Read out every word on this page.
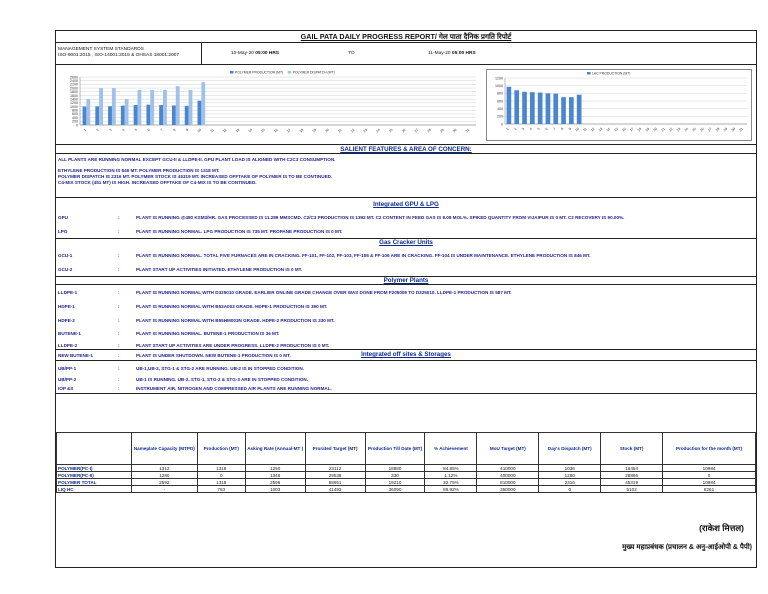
GAIL PATA DAILY PROGRESS REPORT/ गेल पाता दैनिक प्रगति रिपोर्ट
MANAGEMENT SYSTEM STANDARDS
ISO-9001:2015 , ISO-14001:2015 & OHSAS 18001:2007	10-May-20 05:00 HRS	TO	11-May-20 05:00 HRS
0
200
400
600
800
1000
1200
1400
1600
1800
2000
2200
2400
2600
1	2	3	4	5	6	7	8	9 10 11 12 13 14 15 16 17 18 19 20 21 22 23 24 25 26 27 28 29 30 31
POLYMER PRODUCTION (MT)	POLYMER DISPATCH (MT)
0
200
400
600
800
1000
1200
1 2 3 4 5 6 7 8 9 10 11 12 13 14 15 16 17 18 19 20 21 22 23 24 25 26 27 28 29 30 31
LAC PRODUCTION (MT)
SALIENT FEATURES & AREA OF CONCERN:
ALL PLANTS ARE RUNNING NORMAL EXCEPT GCU-II & LLDPE-II. GPU PLANT LOAD IS ALIGNED WITH C2C3 CONSUMPTION.
ETHYLENE PRODUCTION IS 846 MT. POLYMER PRODUCTION IS 1318 MT.
POLYMER DISPATCH IS 2316 MT. POLYMER STOCK IS 45319 MT. INCREASED OFFTAKE OF POLYMER IS TO BE CONTINUED.
C4-MIX STOCK (451 MT) IS HIGH. INCREASED OFFTAKE OF C4-MIX IS TO BE CONTINUED.
Integrated GPU & LPG
GPU	:	PLANT IS RUNNING @480 KSM3/HR. GAS PROCESSED IS 11.289 MMSCMD. C2/C3 PRODUCTION IS 1392 MT. C2 CONTENT IN FEED GAS IS 8.08 MOL%. SPIKED QUANTITY FROM VIJAIPUR IS 0 MT. C2 RECOVERY IS 90.00%.
LPG	:	PLANT IS RUNNING NORMAL. LPG PRODUCTION IS 735 MT. PROPANE PRODUCTION IS 0 MT.
Gas Cracker Units
GCU-1	:	PLANT IS RUNNING NORMAL. TOTAL FIVE FURNACES ARE IN CRACKING. FF-101, FF-102, FF-103, FF-105 & FF-106 ARE IN CRACKING. FF-104 IS UNDER MAINTENANCE. ETHYLENE PRODUCTION IS 846 MT.
GCU-2	:	PLANT START UP ACTIVITIES INITIATED. ETHYLENE PRODUCTION IS 0 MT.
Polymer Plants
LLDPE-1	:	PLANT IS RUNNING NORMAL WITH D325010 GRADE. EARLIER ONLINE GRADE CHANGE OVER WAS DONE FROM F205009 TO D325010. LLDPE-1 PRODUCTION IS 587 MT.
HDPE-1	:	PLANT IS RUNNING NORMAL WITH B53A003 GRADE. HDPE-1 PRODUCTION IS 390 MT.
HDPE-2	:	PLANT IS RUNNING NORMAL WITH B55HM003N GRADE. HDPE-2 PRODUCTION IS 330 MT.
BUTENE-1	:	PLANT IS RUNNING NORMAL. BUTENE-1 PRODUCTION IS 36 MT.
LLDPE-2	:	PLANT START UP ACTIVITIES ARE UNDER PROGRESS. LLDPE-2 PRODUCTION IS 0 MT.
NEW BUTENE-1	:	PLANT IS UNDER SHUTDOWN. NEW BUTENE-1 PRODUCTION IS 0 MT.	Integrated off sites & Storages
UB/PP-1	:	UB-1,UB-3, STG-1 & STG-2 ARE RUNNING. UB-2 IS IN STOPPED CONDITION.
UB/PP-2	:	UB-1 IS RUNNING. UB-2, STG-1, STG-2 & STG-3 ARE IN STOPPED CONDITION.
IOP &S	:	INSTRUMENT AIR, NITROGEN AND COMPRESSED AIR PLANTS ARE RUNNING NORMAL.
	Nameplate Capacity (MTPD)	Production (MT)	Asking Rate (Annual-MT )	Prorated Target (MT)	Production Till Date (MT)	% Achievement	MoU Target (MT)	Day's Dispatch (MT)	Stock (MT)	Production for the month (MT)
POLYMER(PC-I)	1312	1318	1250	23112	18880	84.85%	410000	1036	16454	10984
POLYMER(PC-II)	1280	0	1346	29538	330	1.12%	400000	1280	28866	0
POLYMER TOTAL	2592	1318	2596	58651	19210	32.75%	810000	2316	45319	10984
LIQ HC	-	763	1003	41493	36090	86.92%	350000	0	5102	8261
(राकेश मित्तल)
मुख्य महाप्रबंधक (प्रचालन & अनु-आईओपी & पैपी)
